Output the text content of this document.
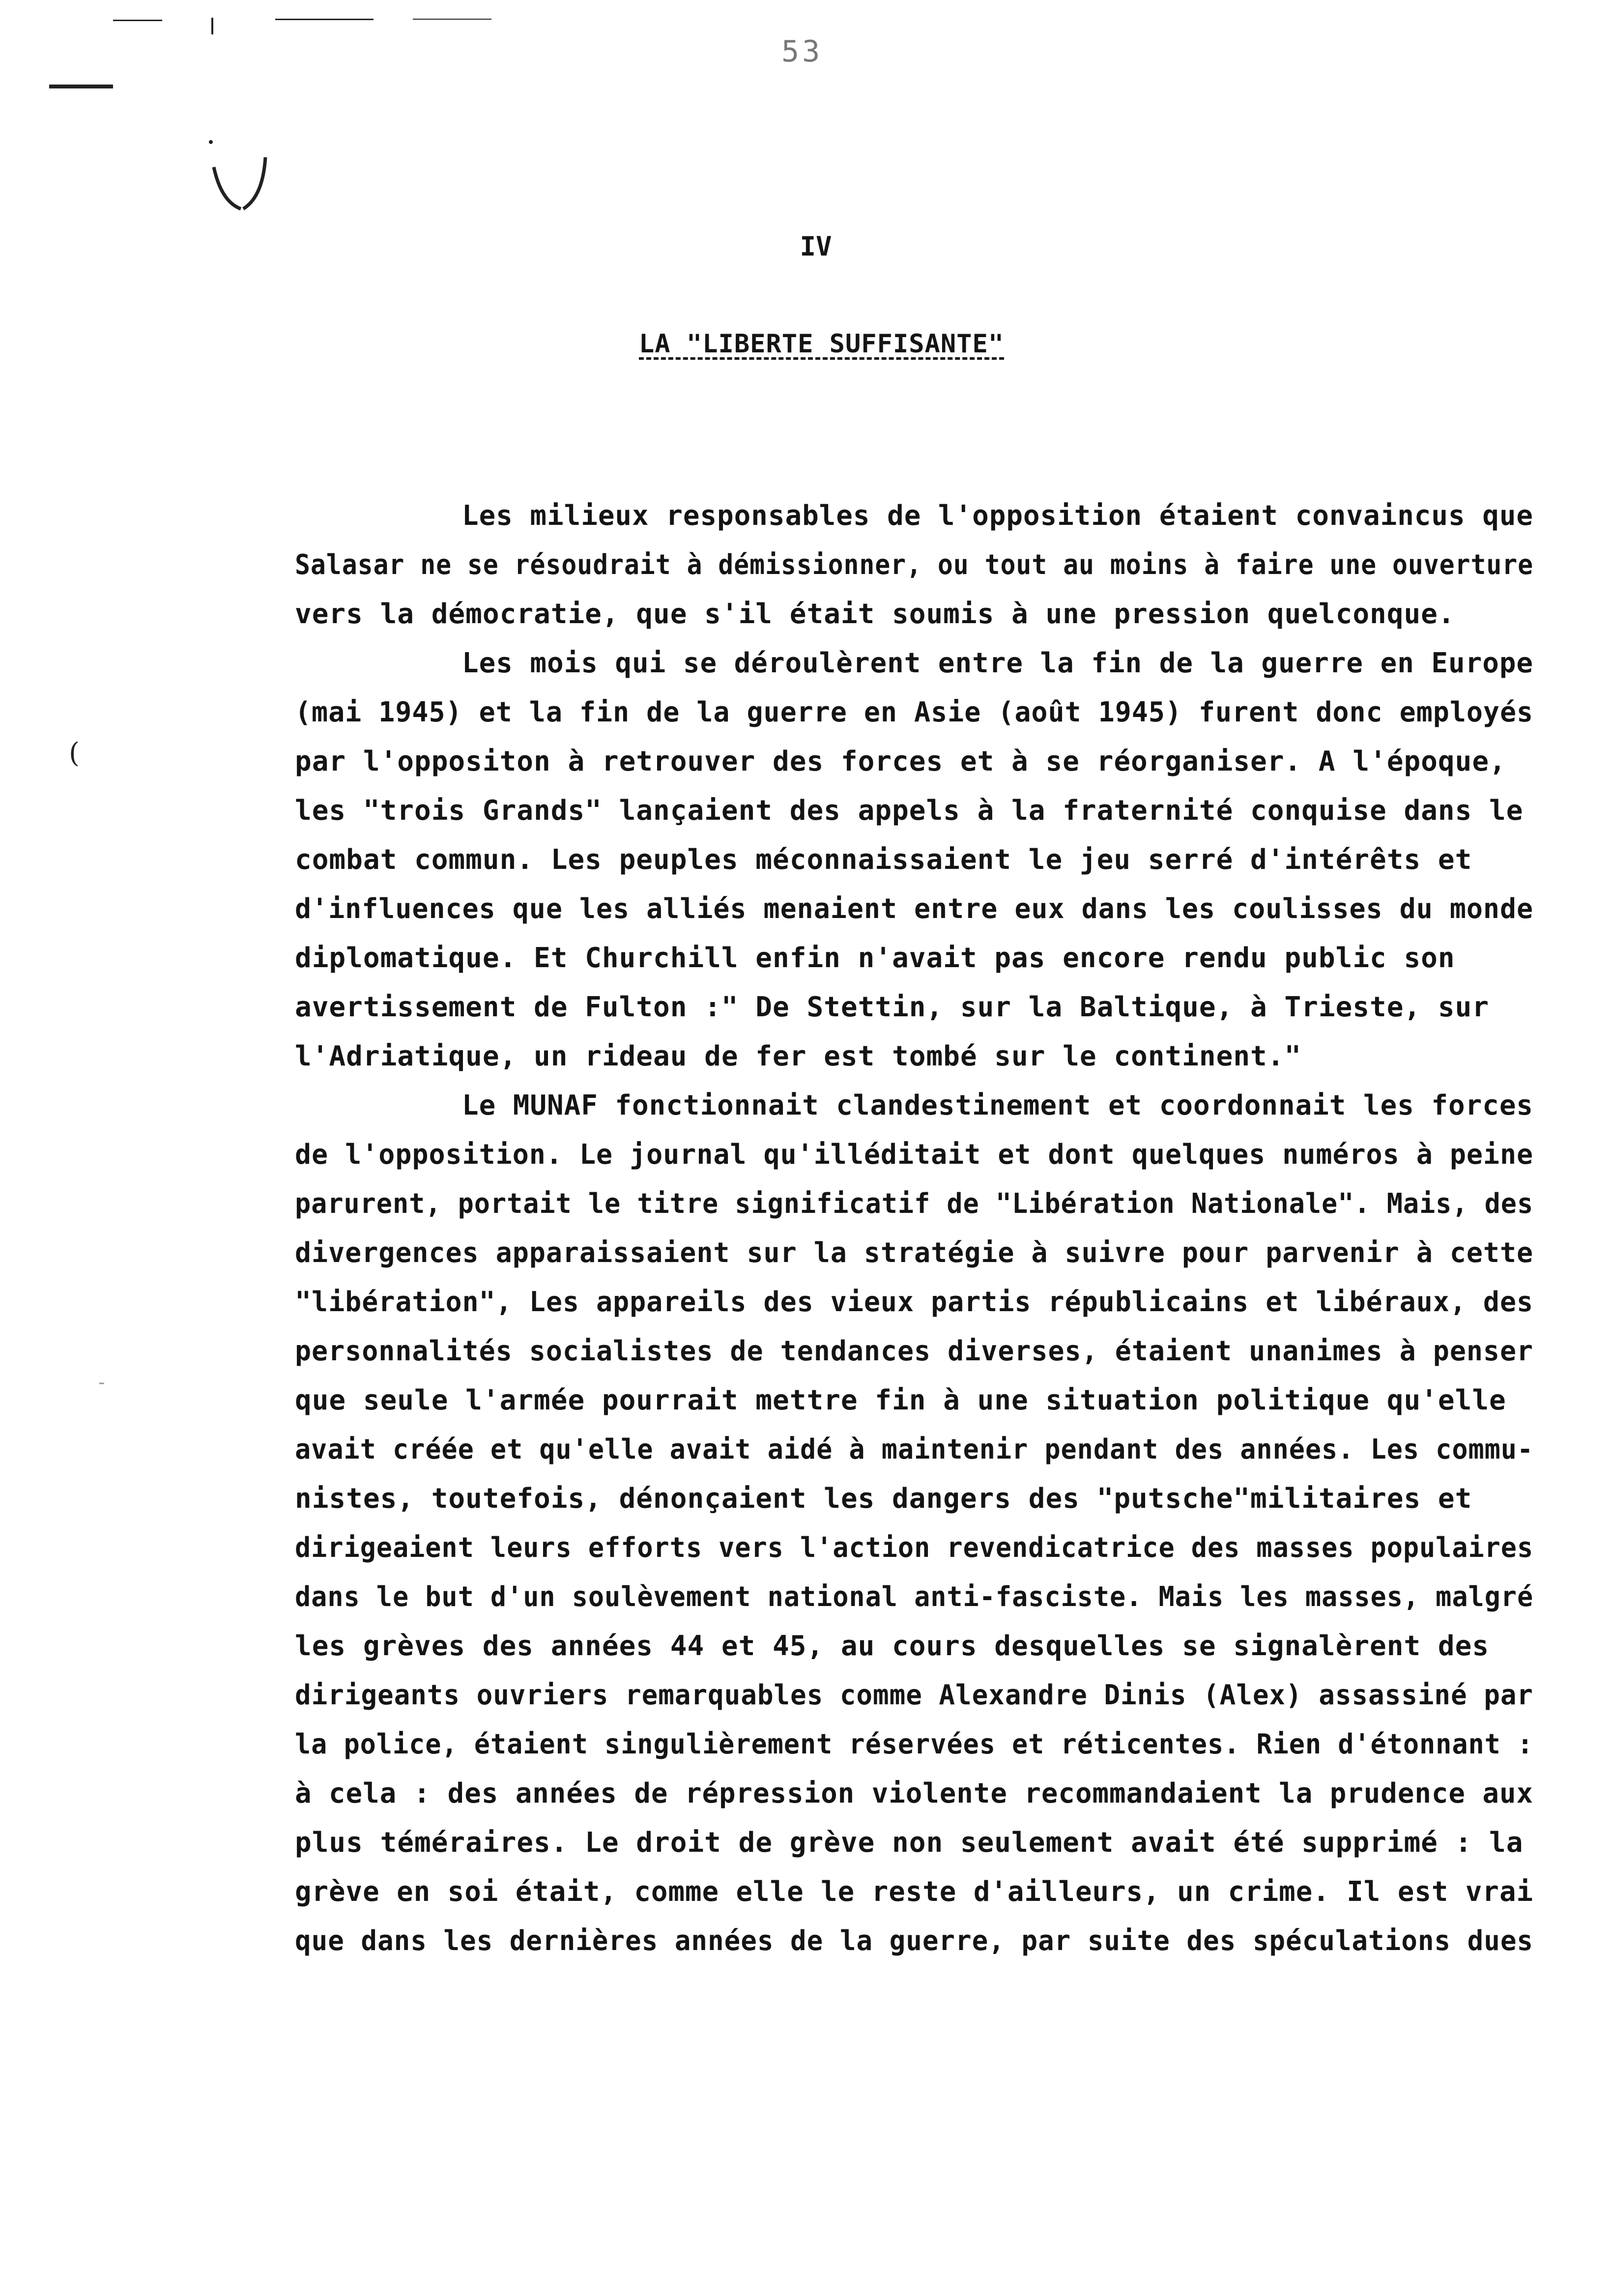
53
(
-
IV
LA "LIBERTE SUFFISANTE"
Les milieux responsables de l'opposition étaient convaincus que
Salasar ne se résoudrait à démissionner, ou tout au moins à faire une ouverture
vers la démocratie, que s'il était soumis à une pression quelconque.
Les mois qui se déroulèrent entre la fin de la guerre en Europe
(mai 1945) et la fin de la guerre en Asie (août 1945) furent donc employés
par l'oppositon à retrouver des forces et à se réorganiser. A l'époque,
les "trois Grands" lançaient des appels à la fraternité conquise dans le
combat commun. Les peuples méconnaissaient le jeu serré d'intérêts et
d'influences que les alliés menaient entre eux dans les coulisses du monde
diplomatique. Et Churchill enfin n'avait pas encore rendu public son
avertissement de Fulton :" De Stettin, sur la Baltique, à Trieste, sur
l'Adriatique, un rideau de fer est tombé sur le continent."
Le MUNAF fonctionnait clandestinement et coordonnait les forces
de l'opposition. Le journal qu'illéditait et dont quelques numéros à peine
parurent, portait le titre significatif de "Libération Nationale". Mais, des
divergences apparaissaient sur la stratégie à suivre pour parvenir à cette
"libération", Les appareils des vieux partis républicains et libéraux, des
personnalités socialistes de tendances diverses, étaient unanimes à penser
que seule l'armée pourrait mettre fin à une situation politique qu'elle
avait créée et qu'elle avait aidé à maintenir pendant des années. Les commu-
nistes, toutefois, dénonçaient les dangers des "putsche"militaires et
dirigeaient leurs efforts vers l'action revendicatrice des masses populaires
dans le but d'un soulèvement national anti-fasciste. Mais les masses, malgré
les grèves des années 44 et 45, au cours desquelles se signalèrent des
dirigeants ouvriers remarquables comme Alexandre Dinis (Alex) assassiné par
la police, étaient singulièrement réservées et réticentes. Rien d'étonnant :
à cela : des années de répression violente recommandaient la prudence aux
plus téméraires. Le droit de grève non seulement avait été supprimé : la
grève en soi était, comme elle le reste d'ailleurs, un crime. Il est vrai
que dans les dernières années de la guerre, par suite des spéculations dues
